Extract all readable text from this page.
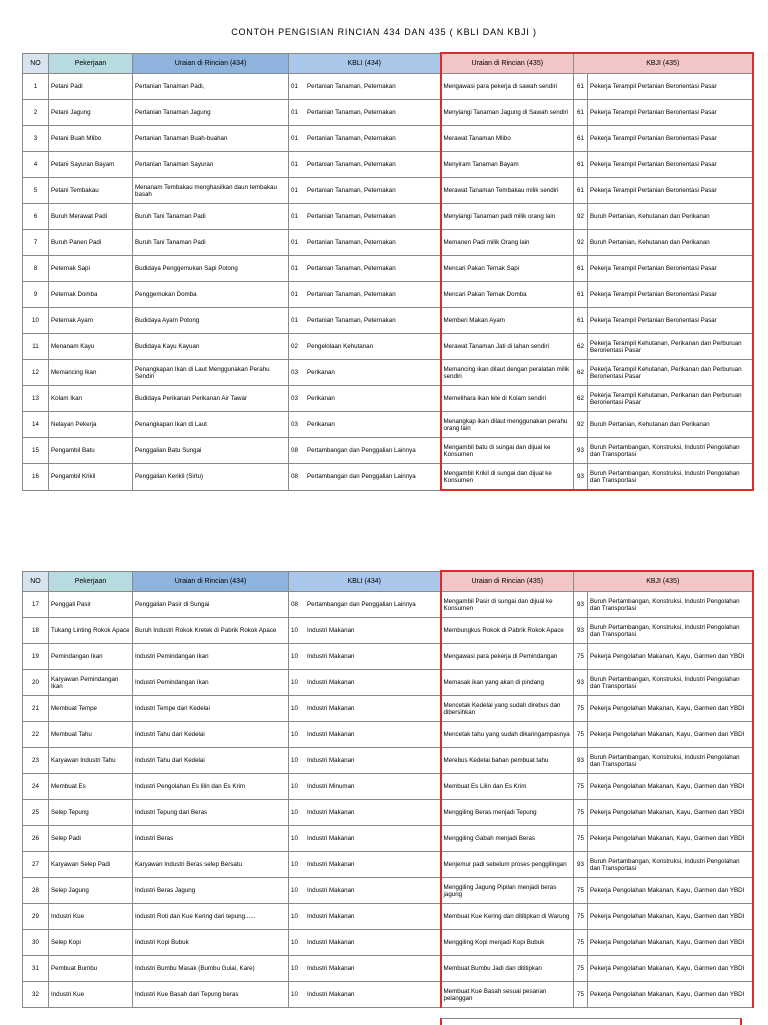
CONTOH PENGISIAN RINCIAN 434 DAN 435 ( KBLI DAN KBJI )
NO	Pekerjaan	Uraian di Rincian (434)	KBLI (434)	Uraian di Rincian (435)	KBJI (435)	
1	Petani Padi	Pertanian Tanaman Padi,	01 Pertanian Tanaman, Peternakan	Mengawasi para pekerja di sawah sendiri	61	Pekerja Terampil Pertanian Berorientasi Pasar
2	Petani Jagung	Pertanian Tanaman Jagung	01 Pertanian Tanaman, Peternakan	Menyiangi Tanaman Jagung di Sawah sendiri	61	Pekerja Terampil Pertanian Berorientasi Pasar
3	Petani Buah Mlibo	Pertanian Tanaman Buah-buahan	01 Pertanian Tanaman, Peternakan	Merawat Tanaman Mlibo	61	Pekerja Terampil Pertanian Berorientasi Pasar
4	Petani Sayuran Bayam	Pertanian Tanaman Sayuran	01 Pertanian Tanaman, Peternakan	Menyiram Tanaman Bayam	61	Pekerja Terampil Pertanian Berorientasi Pasar
5	Petani Tembakau	Menanam Tembakau menghasilkan daun tembakau basah	01 Pertanian Tanaman, Peternakan	Merawat Tanaman Tembakau milik sendiri	61	Pekerja Terampil Pertanian Berorientasi Pasar
6	Buruh Merawat Padi	Buruh Tani Tanaman Padi	01 Pertanian Tanaman, Peternakan	Menyiangi Tanaman padi milik orang lain	92	Buruh Pertanian, Kehutanan dan Perikanan
7	Buruh Panen Padi	Buruh Tani Tanaman Padi	01 Pertanian Tanaman, Peternakan	Memanen Padi milik Orang lain	92	Buruh Pertanian, Kehutanan dan Perikanan
8	Peternak Sapi	Budidaya Penggemukan Sapi Potong	01 Pertanian Tanaman, Peternakan	Mencari Pakan Ternak Sapi	61	Pekerja Terampil Pertanian Berorientasi Pasar
9	Peternak Domba	Penggemukan Domba	01 Pertanian Tanaman, Peternakan	Mencari Pakan Ternak Domba	61	Pekerja Terampil Pertanian Berorientasi Pasar
10	Peternak Ayam	Budidaya Ayam Potong	01 Pertanian Tanaman, Peternakan	Memberi Makan Ayam	61	Pekerja Terampil Pertanian Berorientasi Pasar
11	Menanam Kayu	Budidaya Kayu Kayuan	02 Pengelolaan Kehutanan	Merawat Tanaman Jati di lahan sendiri	62	Pekerja Terampil Kehutanan, Perikanan dan Perburuan Berorientasi Pasar
12	Memancing Ikan	Penangkapan Ikan di Laut Menggunakan Perahu Sendiri	03 Perikanan	Memancing ikan dilaut dengan peralatan milik sendiri	62	Pekerja Terampil Kehutanan, Perikanan dan Perburuan Berorientasi Pasar
13	Kolam Ikan	Budidaya Perikanan Perikanan Air Tawar	03 Perikanan	Memelihara ikan lele di Kolam sendiri	62	Pekerja Terampil Kehutanan, Perikanan dan Perburuan Berorientasi Pasar
14	Nelayan Pekerja	Penangkapan Ikan di Laut	03 Perikanan	Menangkap ikan dilaut menggunakan perahu orang lain	92	Buruh Pertanian, Kehutanan dan Perikanan
15	Pengambil Batu	Penggalian Batu Sungai	08 Pertambangan dan Penggalian Lainnya	Mengambil batu di sungai dan dijual ke Konsumen	93	Buruh Pertambangan, Konstruksi, Industri Pengolahan dan Transportasi
16	Pengambil Krikil	Penggalian Kerikil (Sirtu)	08 Pertambangan dan Penggalian Lainnya	Mengambil Krikil di sungai dan dijual ke Konsumen	93	Buruh Pertambangan, Konstruksi, Industri Pengolahan dan Transportasi
NO	Pekerjaan	Uraian di Rincian (434)	KBLI (434)	Uraian di Rincian (435)	KBJI (435)	
17	Penggali Pasir	Penggalian Pasir di Sungai	08 Pertambangan dan Penggalian Lainnya	Mengambil Pasir di sungai dan dijual ke Konsumen	93	Buruh Pertambangan, Konstruksi, Industri Pengolahan dan Transportasi
18	Tukang Linting Rokok Apace	Buruh Industri Rokok Kretek di Pabrik Rokok Apace	10 Industri Makanan	Membungkus Rokok di Pabrik Rokok Apace	93	Buruh Pertambangan, Konstruksi, Industri Pengolahan dan Transportasi
19	Pemindangan Ikan	Industri Pemindangan Ikan	10 Industri Makanan	Mengawasi para pekerja di Pemindangan	75	Pekerja Pengolahan Makanan, Kayu, Garmen dan YBDI
20	Karyawan Pemindangan Ikan	Industri Pemindangan Ikan	10 Industri Makanan	Memasak ikan yang akan di pindang	93	Buruh Pertambangan, Konstruksi, Industri Pengolahan dan Transportasi
21	Membuat Tempe	Industri Tempe dari Kedelai	10 Industri Makanan	Mencetak Kedelai yang sudah direbus dan dibersihkan	75	Pekerja Pengolahan Makanan, Kayu, Garmen dan YBDI
22	Membuat Tahu	Industri Tahu dari Kedelai	10 Industri Makanan	Mencetak tahu yang sudah dikaringampasnya	75	Pekerja Pengolahan Makanan, Kayu, Garmen dan YBDI
23	Karyawan Industri Tahu	Industri Tahu dari Kedelai	10 Industri Makanan	Merebus Kedelai bahan pembuat tahu	93	Buruh Pertambangan, Konstruksi, Industri Pengolahan dan Transportasi
24	Membuat Es	Industri Pengolahan Es lilin dan Es Krim	10 Industri Minuman	Membuat Es Lilin dan Es Krim	75	Pekerja Pengolahan Makanan, Kayu, Garmen dan YBDI
25	Selep Tepung	Industri Tepung dari Beras	10 Industri Makanan	Menggiling Beras menjadi Tepung	75	Pekerja Pengolahan Makanan, Kayu, Garmen dan YBDI
26	Selep Padi	Industri Beras	10 Industri Makanan	Menggiling Gabah menjadi Beras	75	Pekerja Pengolahan Makanan, Kayu, Garmen dan YBDI
27	Karyawan Selep Padi	Karyawan Industri Beras selep Bersatu	10 Industri Makanan	Menjemur padi sebelum proses penggilingan	93	Buruh Pertambangan, Konstruksi, Industri Pengolahan dan Transportasi
28	Selep Jagung	Industri Beras Jagung	10 Industri Makanan	Menggiling Jagung Pipilan menjadi beras jagung	75	Pekerja Pengolahan Makanan, Kayu, Garmen dan YBDI
29	Industri Kue	Industri Roti dan Kue Kering dari tepung......	10 Industri Makanan	Membuat Kue Kering dan dititipkan di Warung	75	Pekerja Pengolahan Makanan, Kayu, Garmen dan YBDI
30	Selep Kopi	Industri Kopi Bubuk	10 Industri Makanan	Menggiling Kopi menjadi Kopi Bubuk	75	Pekerja Pengolahan Makanan, Kayu, Garmen dan YBDI
31	Pembuat Bumbu	Industri Bumbu Masak (Bumbu Gulai, Kare)	10 Industri Makanan	Membuat Bumbu Jadi dan dititipkan	75	Pekerja Pengolahan Makanan, Kayu, Garmen dan YBDI
32	Industri Kue	Industri Kue Basah dari Tepung beras	10 Industri Makanan	Membuat Kue Basah sesuai pesanan pelanggan	75	Pekerja Pengolahan Makanan, Kayu, Garmen dan YBDI
